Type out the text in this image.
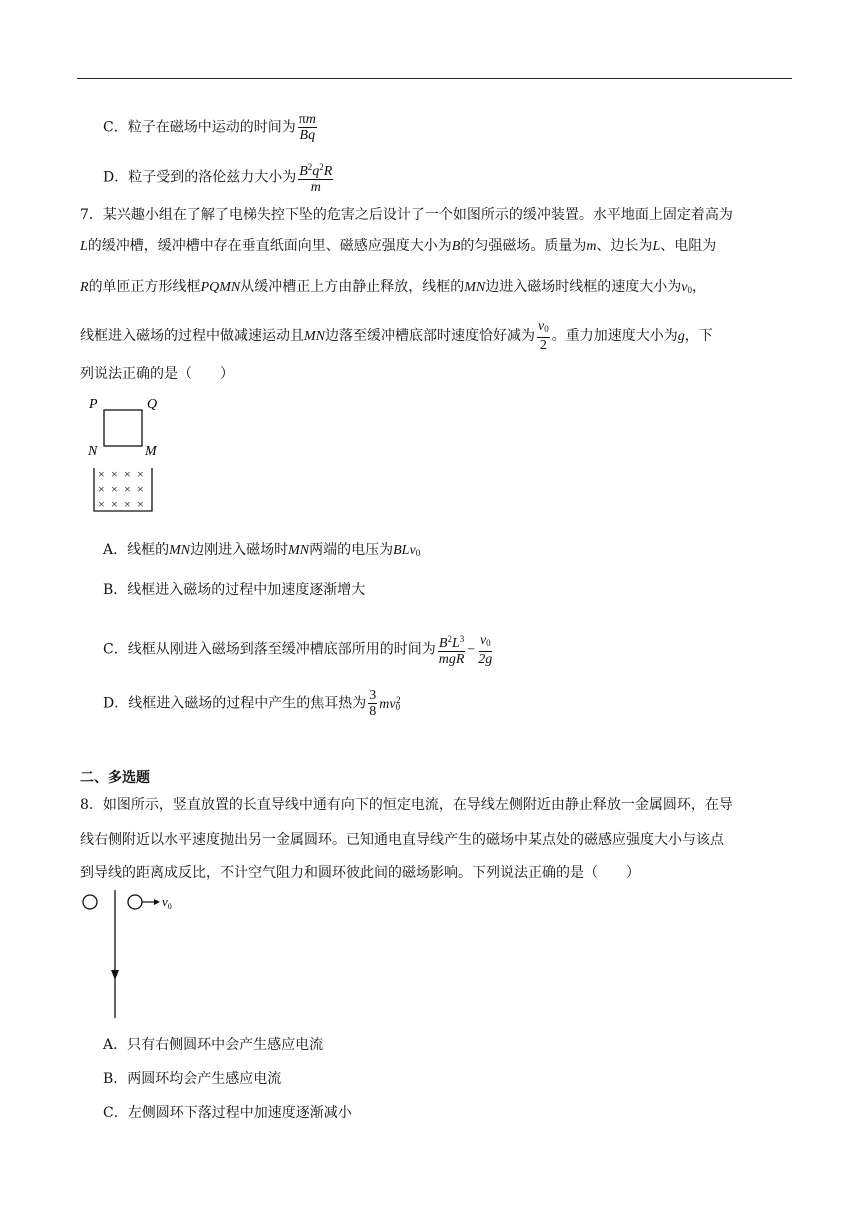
C．粒子在磁场中运动的时间为 $\frac{\pi m}{Bq}$
D．粒子受到的洛伦兹力大小为 $\frac{B^2q^2R}{m}$
7．某兴趣小组在了解了电梯失控下坠的危害之后设计了一个如图所示的缓冲装置。水平地面上固定着高为
L的缓冲槽，缓冲槽中存在垂直纸面向里、磁感应强度大小为B的匀强磁场。质量为m、边长为L、电阻为
R的单匝正方形线框PQMN从缓冲槽正上方由静止释放，线框的MN边进入磁场时线框的速度大小为$v_0$，
线框进入磁场的过程中做减速运动且MN边落至缓冲槽底部时速度恰好减为 $\frac{v_0}{2}$ 。重力加速度大小为g，下
列说法正确的是（　　）
P	Q
N	M
× × × ×
× × × ×
× × × ×
A．线框的MN边刚进入磁场时MN两端的电压为BLv$_0$
B．线框进入磁场的过程中加速度逐渐增大
C．线框从刚进入磁场到落至缓冲槽底部所用的时间为 $\frac{B^2L^3}{\text{mgR}} - \frac{v_0}{2g}$
D．线框进入磁场的过程中产生的焦耳热为 $\frac{3}{8} mv_0^2$
二、多选题
8．如图所示，竖直放置的长直导线中通有向下的恒定电流，在导线左侧附近由静止释放一金属圆环，在导
线右侧附近以水平速度抛出另一金属圆环。已知通电直导线产生的磁场中某点处的磁感应强度大小与该点
到导线的距离成反比，不计空气阻力和圆环彼此间的磁场影响。下列说法正确的是（　　）
$v_0$
A．只有右侧圆环中会产生感应电流
B．两圆环均会产生感应电流
C．左侧圆环下落过程中加速度逐渐减小
